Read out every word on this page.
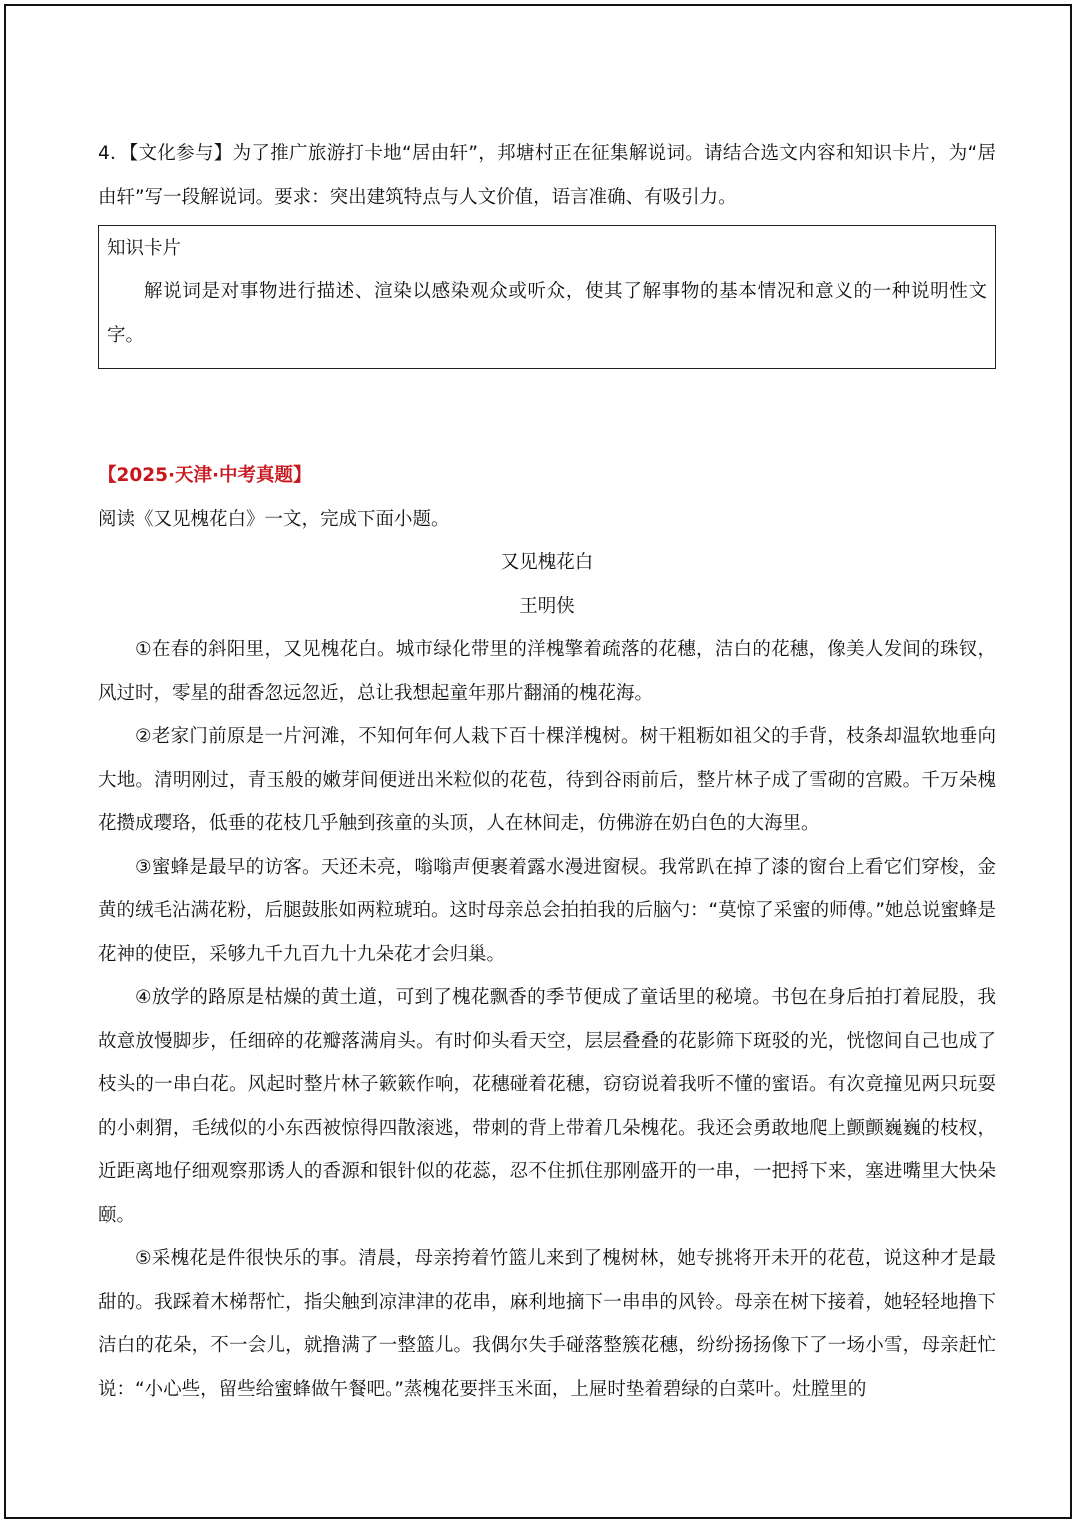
4．【文化参与】为了推广旅游打卡地“居由轩”，邦塘村正在征集解说词。请结合选文内容和知识卡片，为“居由轩”写一段解说词。要求：突出建筑特点与人文价值，语言准确、有吸引力。

知识卡片

解说词是对事物进行描述、渲染以感染观众或听众，使其了解事物的基本情况和意义的一种说明性文字。

【2025·天津·中考真题】

阅读《又见槐花白》一文，完成下面小题。

又见槐花白
王明侠

①在春的斜阳里，又见槐花白。城市绿化带里的洋槐擎着疏落的花穗，洁白的花穗，像美人发间的珠钗，风过时，零星的甜香忽远忽近，总让我想起童年那片翻涌的槐花海。

②老家门前原是一片河滩，不知何年何人栽下百十棵洋槐树。树干粗粝如祖父的手背，枝条却温软地垂向大地。清明刚过，青玉般的嫩芽间便迸出米粒似的花苞，待到谷雨前后，整片林子成了雪砌的宫殿。千万朵槐花攒成璎珞，低垂的花枝几乎触到孩童的头顶，人在林间走，仿佛游在奶白色的大海里。

③蜜蜂是最早的访客。天还未亮，嗡嗡声便裹着露水漫进窗棂。我常趴在掉了漆的窗台上看它们穿梭，金黄的绒毛沾满花粉，后腿鼓胀如两粒琥珀。这时母亲总会拍拍我的后脑勺：“莫惊了采蜜的师傅。”她总说蜜蜂是花神的使臣，采够九千九百九十九朵花才会归巢。

④放学的路原是枯燥的黄土道，可到了槐花飘香的季节便成了童话里的秘境。书包在身后拍打着屁股，我故意放慢脚步，任细碎的花瓣落满肩头。有时仰头看天空，层层叠叠的花影筛下斑驳的光，恍惚间自己也成了枝头的一串白花。风起时整片林子簌簌作响，花穗碰着花穗，窃窃说着我听不懂的蜜语。有次竟撞见两只玩耍的小刺猬，毛绒似的小东西被惊得四散滚逃，带刺的背上带着几朵槐花。我还会勇敢地爬上颤颤巍巍的枝杈，近距离地仔细观察那诱人的香源和银针似的花蕊，忍不住抓住那刚盛开的一串，一把捋下来，塞进嘴里大快朵颐。

⑤采槐花是件很快乐的事。清晨，母亲挎着竹篮儿来到了槐树林，她专挑将开未开的花苞，说这种才是最甜的。我踩着木梯帮忙，指尖触到凉津津的花串，麻利地摘下一串串的风铃。母亲在树下接着，她轻轻地撸下洁白的花朵，不一会儿，就撸满了一整篮儿。我偶尔失手碰落整簇花穗，纷纷扬扬像下了一场小雪，母亲赶忙说：“小心些，留些给蜜蜂做午餐吧。”蒸槐花要拌玉米面，上屉时垫着碧绿的白菜叶。灶膛里的
